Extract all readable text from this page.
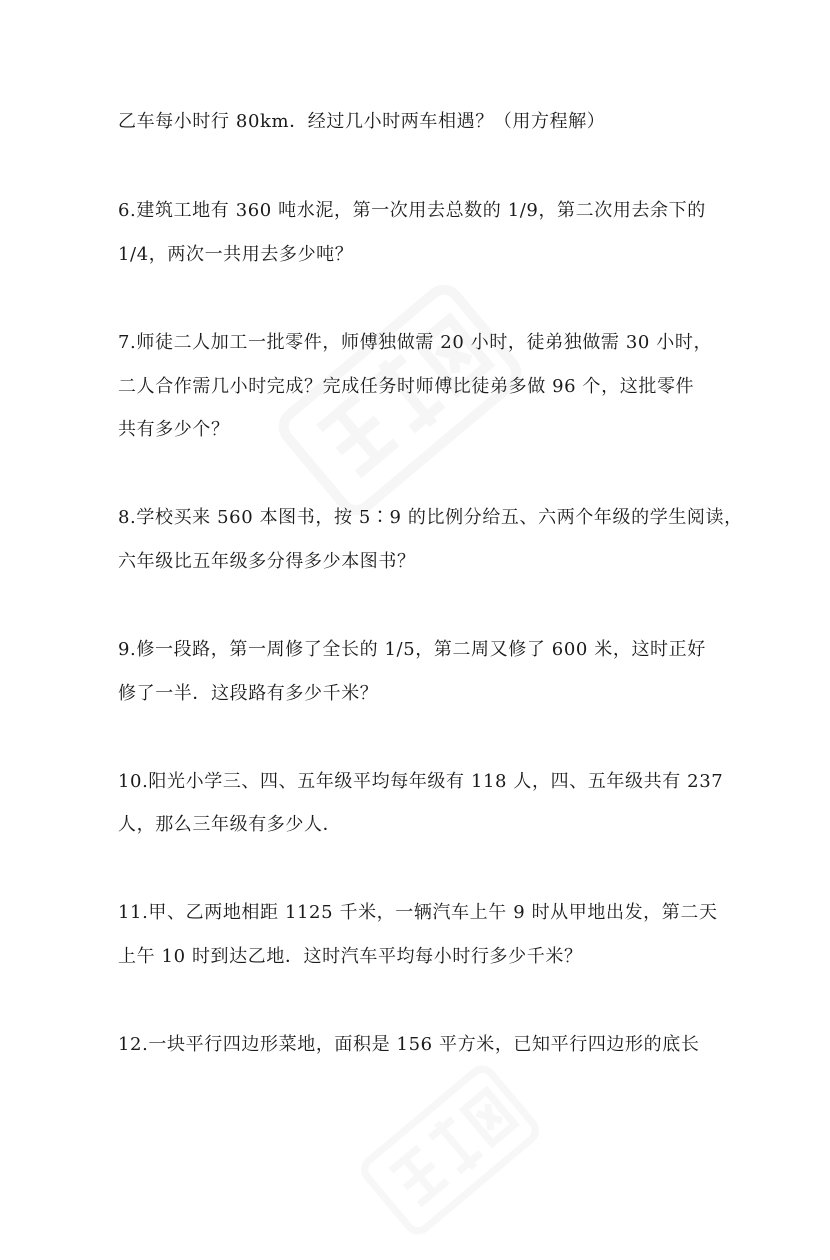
乙车每小时行 80km．经过几小时两车相遇？（用方程解）
6.建筑工地有 360 吨水泥，第一次用去总数的 1/9，第二次用去余下的
1/4，两次一共用去多少吨？
7.师徒二人加工一批零件，师傅独做需 20 小时，徒弟独做需 30 小时，
二人合作需几小时完成？完成任务时师傅比徒弟多做 96 个，这批零件
共有多少个？
8.学校买来 560 本图书，按 5∶9 的比例分给五、六两个年级的学生阅读，
六年级比五年级多分得多少本图书？
9.修一段路，第一周修了全长的 1/5，第二周又修了 600 米，这时正好
修了一半．这段路有多少千米？
10.阳光小学三、四、五年级平均每年级有 118 人，四、五年级共有 237
人，那么三年级有多少人．
11.甲、乙两地相距 1125 千米，一辆汽车上午 9 时从甲地出发，第二天
上午 10 时到达乙地．这时汽车平均每小时行多少千米？
12.一块平行四边形菜地，面积是 156 平方米，已知平行四边形的底长
